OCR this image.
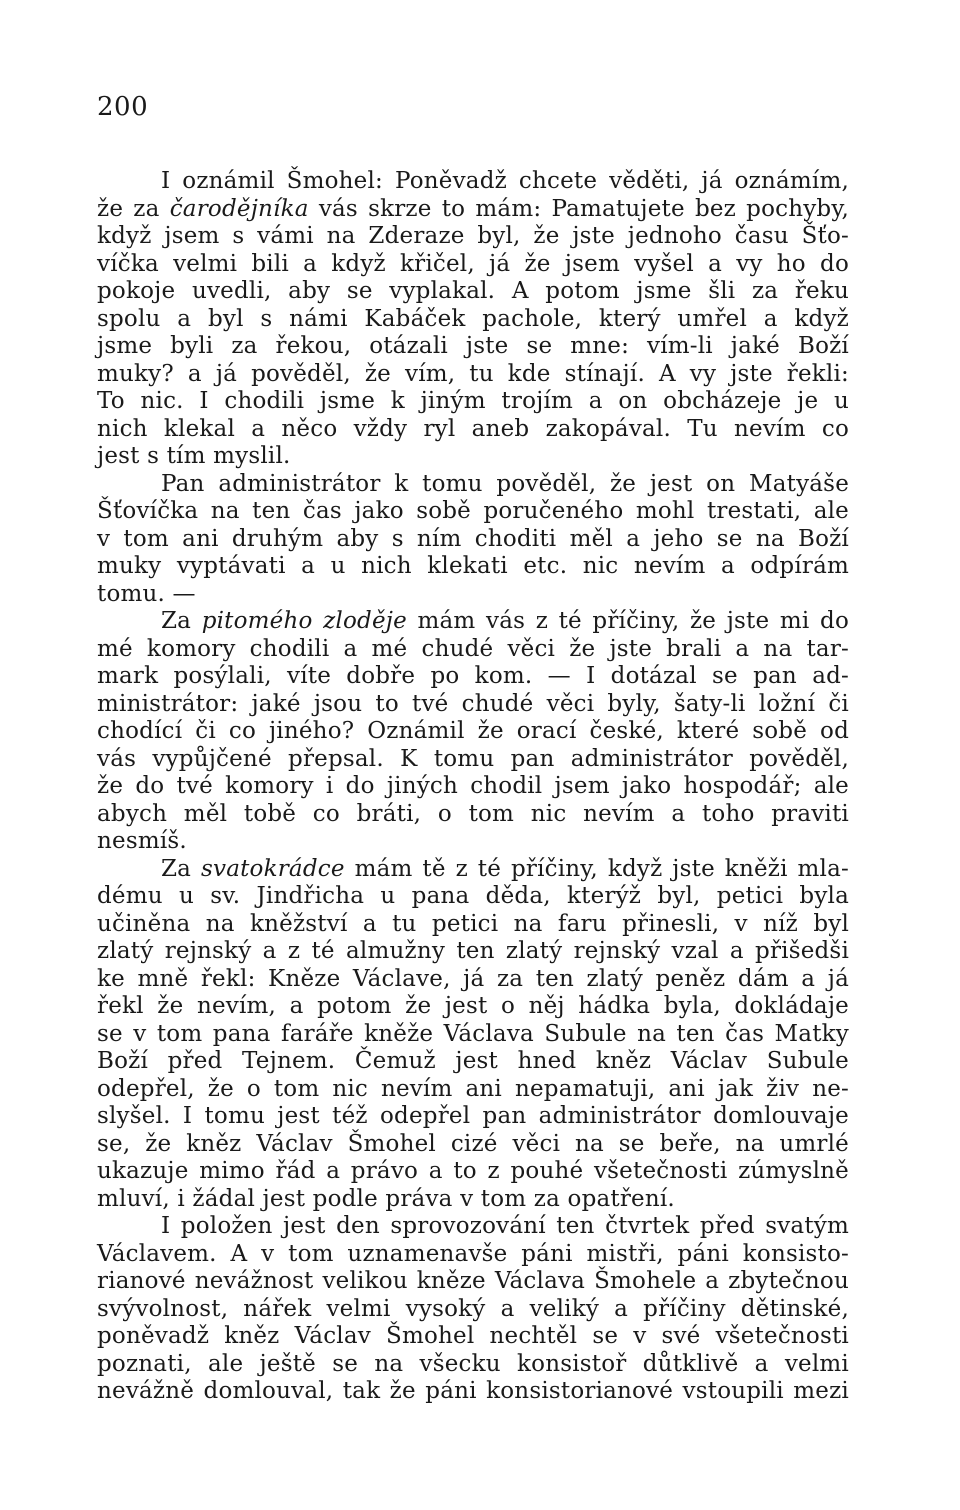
200
I oznámil Šmohel: Poněvadž chcete věděti, já oznámím,
že za čarodějníka vás skrze to mám: Pamatujete bez pochyby,
když jsem s vámi na Zderaze byl, že jste jednoho času Šťo-
víčka velmi bili a když křičel, já že jsem vyšel a vy ho do
pokoje uvedli, aby se vyplakal. A potom jsme šli za řeku
spolu a byl s námi Kabáček pachole, který umřel a když
jsme byli za řekou, otázali jste se mne: vím-li jaké Boží
muky? a já pověděl, že vím, tu kde stínají. A vy jste řekli:
To nic. I chodili jsme k jiným trojím a on obcházeje je u
nich klekal a něco vždy ryl aneb zakopával. Tu nevím co
jest s tím myslil.
Pan administrátor k tomu pověděl, že jest on Matyáše
Šťovíčka na ten čas jako sobě poručeného mohl trestati, ale
v tom ani druhým aby s ním choditi měl a jeho se na Boží
muky vyptávati a u nich klekati etc. nic nevím a odpírám
tomu. —
Za pitomého zloděje mám vás z té příčiny, že jste mi do
mé komory chodili a mé chudé věci že jste brali a na tar-
mark posýlali, víte dobře po kom. — I dotázal se pan ad-
ministrátor: jaké jsou to tvé chudé věci byly, šaty-li ložní či
chodící či co jiného? Oznámil že orací české, které sobě od
vás vypůjčené přepsal. K tomu pan administrátor pověděl,
že do tvé komory i do jiných chodil jsem jako hospodář; ale
abych měl tobě co bráti, o tom nic nevím a toho praviti
nesmíš.
Za svatokrádce mám tě z té příčiny, když jste kněži mla-
dému u sv. Jindřicha u pana děda, kterýž byl, petici byla
učiněna na kněžství a tu petici na faru přinesli, v níž byl
zlatý rejnský a z té almužny ten zlatý rejnský vzal a přišedši
ke mně řekl: Kněze Václave, já za ten zlatý peněz dám a já
řekl že nevím, a potom že jest o něj hádka byla, dokládaje
se v tom pana faráře kněže Václava Subule na ten čas Matky
Boží před Tejnem. Čemuž jest hned kněz Václav Subule
odepřel, že o tom nic nevím ani nepamatuji, ani jak živ ne-
slyšel. I tomu jest též odepřel pan administrátor domlouvaje
se, že kněz Václav Šmohel cizé věci na se beře, na umrlé
ukazuje mimo řád a právo a to z pouhé všetečnosti zúmyslně
mluví, i žádal jest podle práva v tom za opatření.
I položen jest den sprovozování ten čtvrtek před svatým
Václavem. A v tom uznamenavše páni mistři, páni konsisto-
rianové nevážnost velikou kněze Václava Šmohele a zbytečnou
svývolnost, nářek velmi vysoký a veliký a příčiny dětinské,
poněvadž kněz Václav Šmohel nechtěl se v své všetečnosti
poznati, ale ještě se na všecku konsistoř důtklivě a velmi
nevážně domlouval, tak že páni konsistorianové vstoupili mezi
